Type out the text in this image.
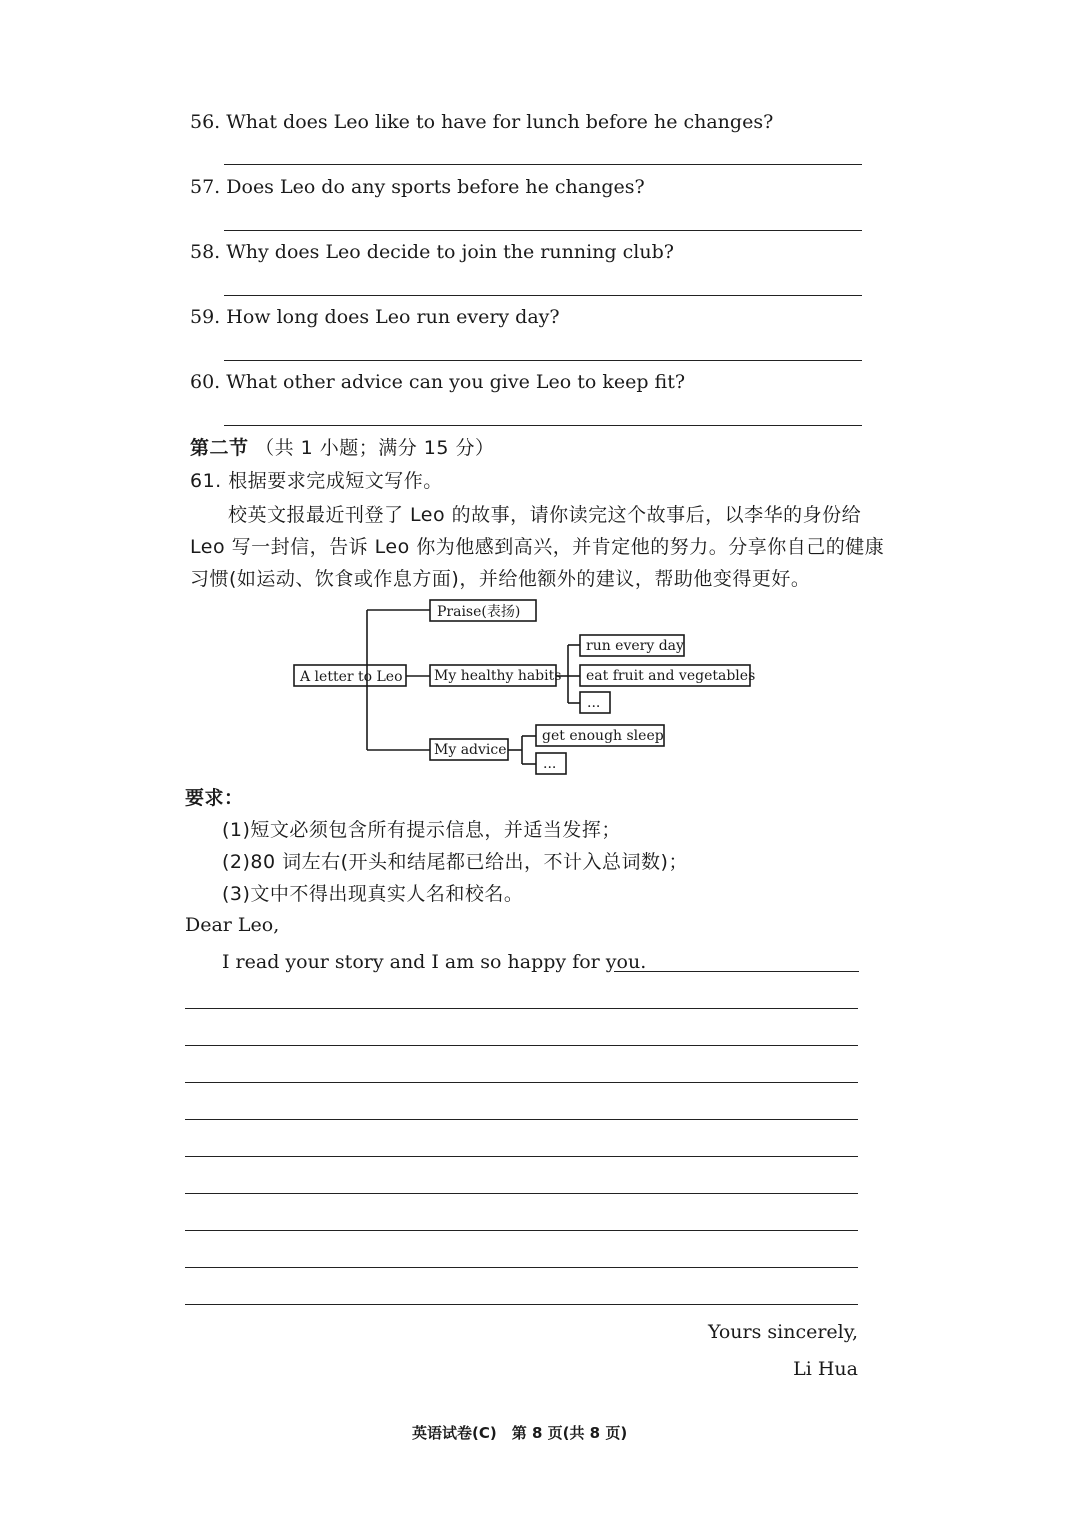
56. What does Leo like to have for lunch before he changes?
57. Does Leo do any sports before he changes?
58. Why does Leo decide to join the running club?
59. How long does Leo run every day?
60. What other advice can you give Leo to keep fit?
第二节 （共 1 小题；满分 15 分）
61. 根据要求完成短文写作。
校英文报最近刊登了 Leo 的故事，请你读完这个故事后，以李华的身份给
Leo 写一封信，告诉 Leo 你为他感到高兴，并肯定他的努力。分享你自己的健康
习惯(如运动、饮食或作息方面)，并给他额外的建议，帮助他变得更好。
A letter to Leo
Praise(表扬)
My healthy habits
run every day
eat fruit and vegetables
...
My advice
get enough sleep
...
要求：
(1)短文必须包含所有提示信息，并适当发挥；
(2)80 词左右(开头和结尾都已给出，不计入总词数)；
(3)文中不得出现真实人名和校名。
Dear Leo,
I read your story and I am so happy for you.
Yours sincerely,
Li Hua
英语试卷(C)　第 8 页(共 8 页)
